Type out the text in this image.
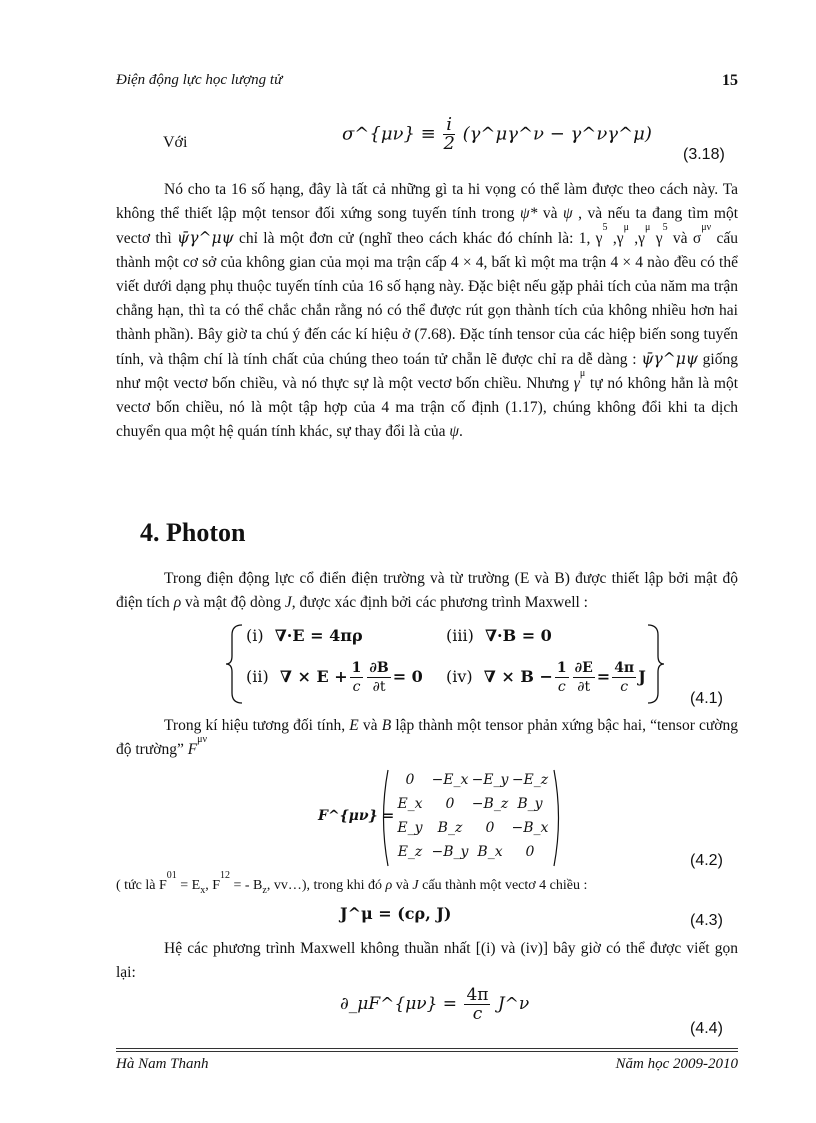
Điện động lực học lượng tử	15
Với	σ^{μν} ≡ $\frac{i}{2}$ (γ^μγ^ν − γ^νγ^μ)
(3.18)

Nó cho ta 16 số hạng, đây là tất cả những gì ta hi vọng có thể làm được theo cách này. Ta không thể thiết lập một tensor đối xứng song tuyến tính trong ψ* và ψ , và nếu ta đang tìm một vectơ thì ψ̄γ^μψ chỉ là một đơn cử (nghĩ theo cách khác đó chính là: 1, $\gamma^5$ $,\gamma^\mu$ $,\gamma^\mu$ $\gamma^5$ và $\sigma^{\mu\nu}$ cấu thành một cơ sở của không gian của mọi ma trận cấp 4 × 4, bất kì một ma trận 4 × 4 nào đều có thể viết dưới dạng phụ thuộc tuyến tính của 16 số hạng này. Đặc biệt nếu gặp phải tích của năm ma trận chẳng hạn, thì ta có thể chắc chắn rằng nó có thể được rút gọn thành tích của không nhiều hơn hai thành phần). Bây giờ ta chú ý đến các kí hiệu ở (7.68). Đặc tính tensor của các hiệp biến song tuyến tính, và thậm chí là tính chất của chúng theo toán tử chẵn lẽ được chỉ ra dễ dàng : ψ̄γ^μψ giống như một vectơ bốn chiều, và nó thực sự là một vectơ bốn chiều. Nhưng $\gamma^\mu$ tự nó không hẳn là một vectơ bốn chiều, nó là một tập hợp của 4 ma trận cố định (1.17), chúng không đổi khi ta dịch chuyển qua một hệ quán tính khác, sự thay đổi là của ψ.

4. Photon

Trong điện động lực cổ điển điện trường và từ trường (E và B) được thiết lập bởi mật độ điện tích ρ và mật độ dòng J, được xác định bởi các phương trình Maxwell :

(i) ∇·E = 4πρ	(iii) ∇·B = 0
(ii) ∇ × $E + \frac{1}{c} \frac{\partial B}{\partial t} = 0$ (iv) ∇ × $B - \frac{1}{c} \frac{\partial E}{\partial t} = \frac{4\pi}{c}$ J
(4.1)

Trong kí hiệu tương đối tính, E và B lập thành một tensor phản xứng bậc hai, “tensor cường độ trường” $F^{\mu\nu}$

F^{μν} =
0	−E_x −E_y −E_z
E_x	0	−B_z B_y
E_y	B_z	0	−B_x
E_z −B_y B_x	0	(4.2)
( tức là $F^{01} = E_x$, $F^{12}$ = - $B_z$, vv…), trong khi đó ρ và J cấu thành một vectơ 4 chiều :
J^μ = (cρ, J)	(4.3)

Hệ các phương trình Maxwell không thuần nhất [(i) và (iv)] bây giờ có thể được viết gọn lại:

∂_μF^{μν} = $\frac{4\pi}{c}$ J^ν
(4.4)
Hà Nam Thanh	Năm học 2009-2010
